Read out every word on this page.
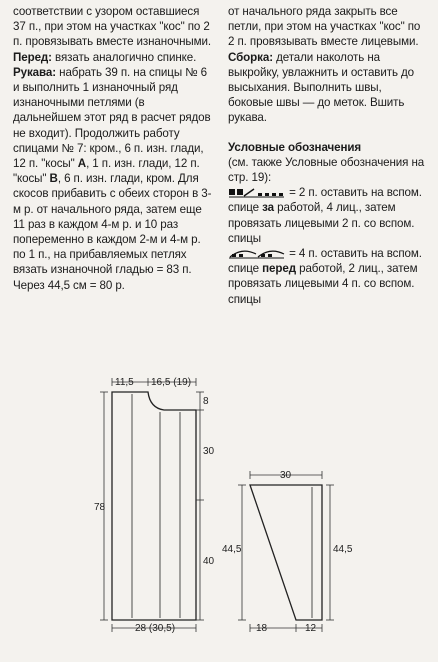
соответствии с узором оставшиеся 37 п., при этом на участках "кос" по 2 п. провязывать вместе изнаночными.

Перед: вязать аналогично спинке.

Рукава: набрать 39 п. на спицы № 6 и выполнить 1 изнаночный ряд изнаночными петлями (в дальнейшем этот ряд в расчет рядов не входит). Продолжить работу спицами № 7: кром., 6 п. изн. глади, 12 п. "косы" А, 1 п. изн. глади, 12 п. "косы" В, 6 п. изн. глади, кром. Для скосов прибавить с обеих сторон в 3-м р. от начального ряда, затем еще 11 раз в каждом 4-м р. и 10 раз попеременно в каждом 2-м и 4-м р. по 1 п., на прибавляемых петлях вязать изнаночной гладью = 83 п. Через 44,5 см = 80 р.

от начального ряда закрыть все петли, при этом на участках "кос" по 2 п. провязывать вместе лицевыми.

Сборка: детали наколоть на выкройку, увлажнить и оставить до высыхания. Выполнить швы, боковые швы — до меток. Вшить рукава.

Условные обозначения

(см. также Условные обозначения на стр. 19):

= 2 п. оставить на вспом. спице за работой, 4 лиц., затем провязать лицевыми 2 п. со вспом. спицы

= 4 п. оставить на вспом. спице перед работой, 2 лиц., затем провязать лицевыми 4 п. со вспом. спицы

11,5 16,5 (19)
8
30
78
40
28 (30,5)
30
44,5	44,5
18	12
